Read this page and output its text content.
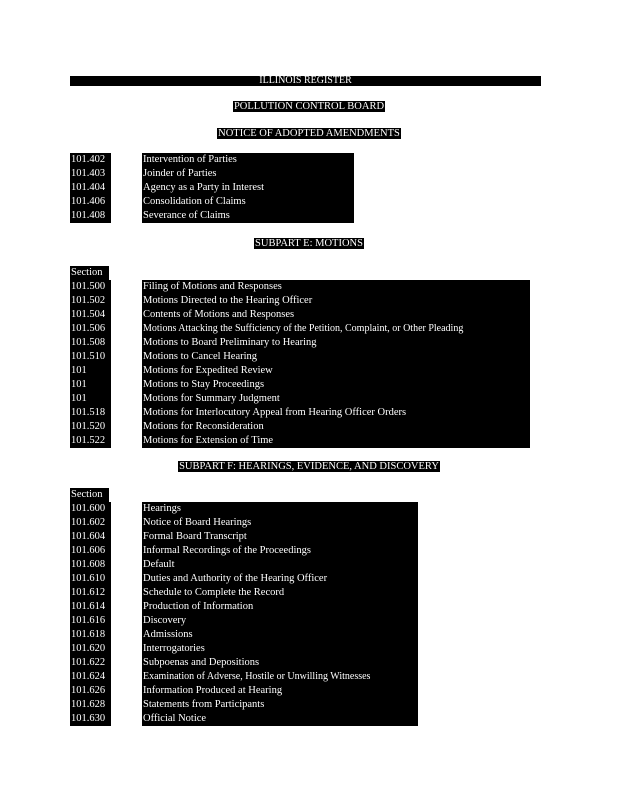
ILLINOIS REGISTER
POLLUTION CONTROL BOARD
NOTICE OF ADOPTED AMENDMENTS
101.402	Intervention of Parties
101.403	Joinder of Parties
101.404	Agency as a Party in Interest
101.406	Consolidation of Claims
101.408	Severance of Claims
SUBPART E: MOTIONS
Section
101.500	Filing of Motions and Responses
101.502	Motions Directed to the Hearing Officer
101.504	Contents of Motions and Responses
101.506	Motions Attacking the Sufficiency of the Petition, Complaint, or Other Pleading
101.508	Motions to Board Preliminary to Hearing
101.510	Motions to Cancel Hearing
101	Motions for Expedited Review
101	Motions to Stay Proceedings
101	Motions for Summary Judgment
101.518	Motions for Interlocutory Appeal from Hearing Officer Orders
101.520	Motions for Reconsideration
101.522	Motions for Extension of Time
SUBPART F: HEARINGS, EVIDENCE, AND DISCOVERY
Section
101.600	Hearings
101.602	Notice of Board Hearings
101.604	Formal Board Transcript
101.606	Informal Recordings of the Proceedings
101.608	Default
101.610	Duties and Authority of the Hearing Officer
101.612	Schedule to Complete the Record
101.614	Production of Information
101.616	Discovery
101.618	Admissions
101.620	Interrogatories
101.622	Subpoenas and Depositions
101.624	Examination of Adverse, Hostile or Unwilling Witnesses
101.626	Information Produced at Hearing
101.628	Statements from Participants
101.630	Official Notice
